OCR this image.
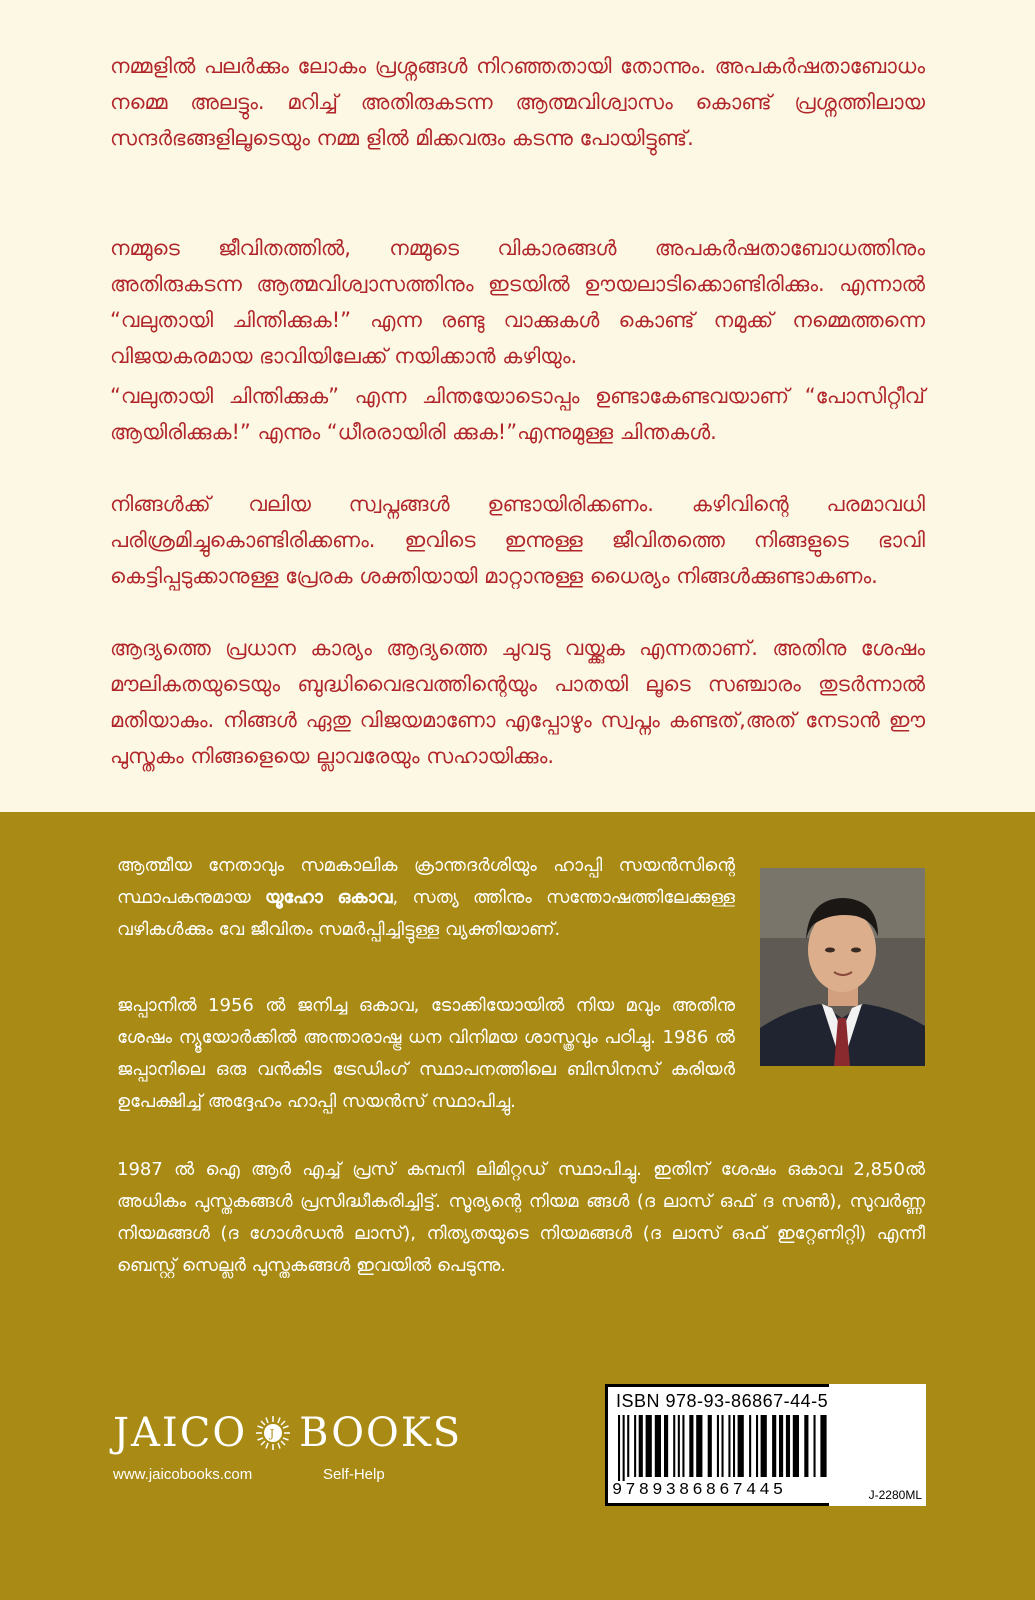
നമ്മളിൽ പലർക്കും ലോകം പ്രശ്നങ്ങൾ നിറഞ്ഞതായി തോന്നും. അപകർഷതാബോധം നമ്മെ അലട്ടും. മറിച്ച് അതിരുകടന്ന ആത്മവിശ്വാസം കൊണ്ട് പ്രശ്നത്തിലായ സന്ദർഭങ്ങളിലൂടെയും നമ്മ ളിൽ മിക്കവരും കടന്നു പോയിട്ടുണ്ട്.

നമ്മുടെ ജീവിതത്തിൽ, നമ്മുടെ വികാരങ്ങൾ അപകർഷതാബോധത്തിനും അതിരുകടന്ന ആത്മവിശ്വാസത്തിനും ഇടയിൽ ഊയലാടിക്കൊണ്ടിരിക്കും. എന്നാൽ “വലുതായി ചിന്തിക്കുക!” എന്ന രണ്ടു വാക്കുകൾ കൊണ്ട് നമുക്ക് നമ്മെത്തന്നെ വിജയകരമായ ഭാവിയിലേക്ക് നയിക്കാൻ കഴിയും.

“വലുതായി ചിന്തിക്കുക” എന്ന ചിന്തയോടൊപ്പം ഉണ്ടാകേണ്ടവയാണ് “പോസിറ്റീവ് ആയിരിക്കുക!” എന്നും “ധീരരായിരി ക്കുക!”എന്നുമുള്ള ചിന്തകൾ.

നിങ്ങൾക്ക് വലിയ സ്വപ്നങ്ങൾ ഉണ്ടായിരിക്കണം. കഴിവിന്റെ പരമാവധി പരിശ്രമിച്ചുകൊണ്ടിരിക്കണം. ഇവിടെ ഇന്നുള്ള ജീവിതത്തെ നിങ്ങളുടെ ഭാവി കെട്ടിപ്പടുക്കാനുള്ള പ്രേരക ശക്തിയായി മാറ്റാനുള്ള ധൈര്യം നിങ്ങൾക്കുണ്ടാകണം.

ആദ്യത്തെ പ്രധാന കാര്യം ആദ്യത്തെ ചുവടു വയ്ക്കുക എന്നതാണ്. അതിനു ശേഷം മൗലികതയുടെയും ബുദ്ധിവൈഭവത്തിന്റെയും പാതയി ലൂടെ സഞ്ചാരം തുടർന്നാൽ മതിയാകും. നിങ്ങൾ ഏതു വിജയമാണോ എപ്പോഴും സ്വപ്നം കണ്ടത്,അത് നേടാൻ ഈ പുസ്തകം നിങ്ങളെയെ ല്ലാവരേയും സഹായിക്കും.

ആത്മീയ നേതാവും സമകാലിക ക്രാന്തദർശിയും ഹാപ്പി സയൻസിന്റെ സ്ഥാപകനുമായ യൂഹോ ഒകാവ, സത്യ ത്തിനും സന്തോഷത്തിലേക്കുള്ള വഴികൾക്കും വേ ജീവിതം സമർപ്പിച്ചിട്ടുള്ള വ്യക്തിയാണ്.

ജപ്പാനിൽ 1956 ൽ ജനിച്ച ഒകാവ, ടോക്കിയോയിൽ നിയ മവും അതിനു ശേഷം ന്യൂയോർക്കിൽ അന്താരാഷ്ട്ര ധന വിനിമയ ശാസ്ത്രവും പഠിച്ചു. 1986 ൽ ജപ്പാനിലെ ഒരു വൻകിട ട്രേഡിംഗ് സ്ഥാപനത്തിലെ ബിസിനസ് കരിയർ ഉപേക്ഷിച്ച് അദ്ദേഹം ഹാപ്പി സയൻസ് സ്ഥാപിച്ചു.

1987 ൽ ഐ ആർ എച്ച് പ്രസ് കമ്പനി ലിമിറ്റഡ് സ്ഥാപിച്ചു. ഇതിന് ശേഷം ഒകാവ 2,850ൽ അധികം പുസ്തകങ്ങൾ പ്രസിദ്ധീകരിച്ചിട്ട്. സൂര്യന്റെ നിയമ ങ്ങൾ (ദ ലാസ് ഒഫ് ദ സൺ), സുവർണ്ണ നിയമങ്ങൾ (ദ ഗോൾഡൻ ലാസ്), നിത്യതയുടെ നിയമങ്ങൾ (ദ ലാസ് ഒഫ് ഇറ്റേണിറ്റി) എന്നീ ബെസ്റ്റ് സെല്ലർ പുസ്തകങ്ങൾ ഇവയിൽ പെടുന്നു.

JAICO J BOOKS
www.jaicobooks.com	Self-Help
ISBN 978-93-86867-44-5
9789386867445	J-2280ML
